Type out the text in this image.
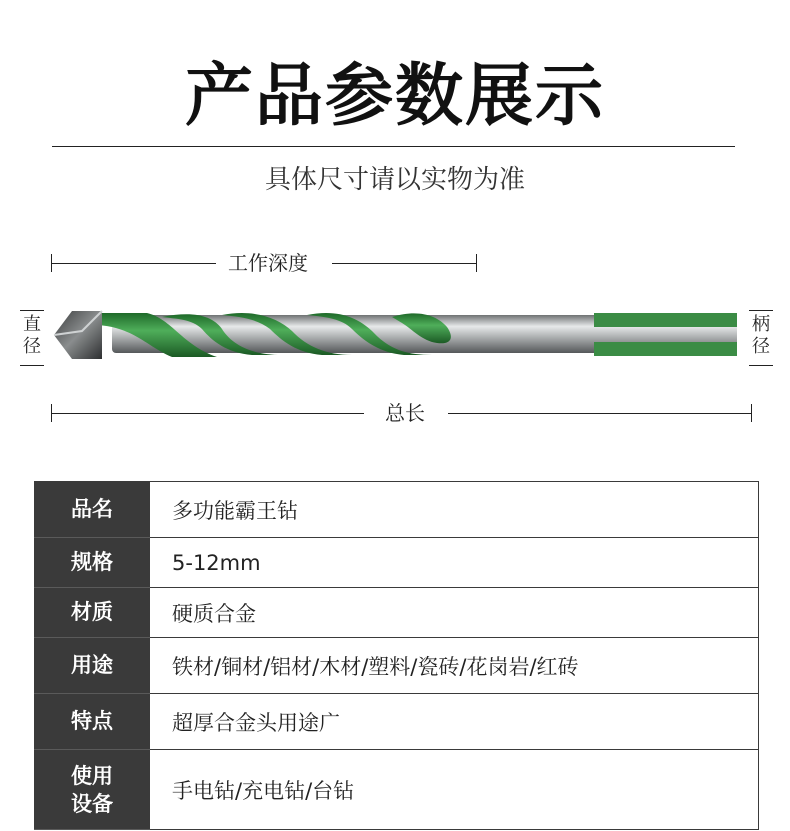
产品参数展示
具体尺寸请以实物为准
工作深度
直径
柄径
总长
品名	多功能霸王钻
规格	5-12mm
材质	硬质合金
用途	铁材/铜材/铝材/木材/塑料/瓷砖/花岗岩/红砖
特点	超厚合金头用途广

使用设备	手电钻/充电钻/台钻
